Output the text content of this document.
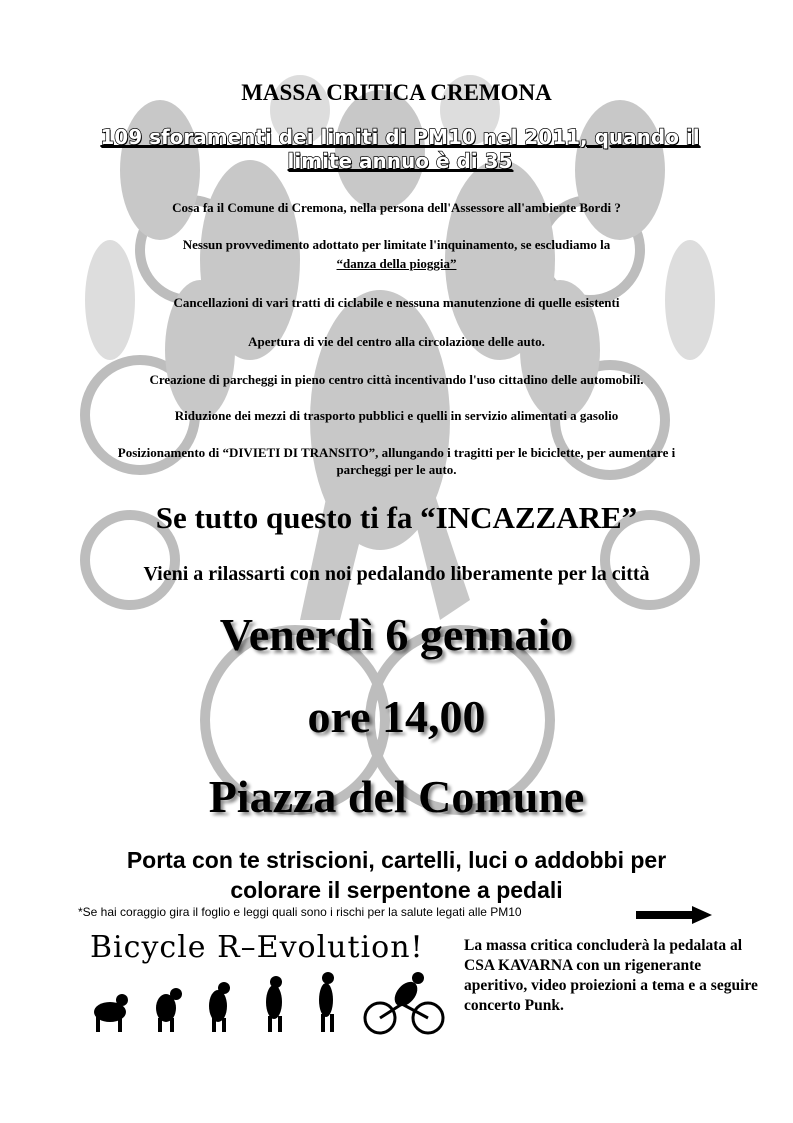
MASSA CRITICA CREMONA
109 sforamenti dei limiti di PM10 nel 2011, quando il limite annuo è di 35
Cosa fa il Comune di Cremona, nella persona dell'Assessore all'ambiente Bordi ?
Nessun provvedimento adottato per limitate l'inquinamento, se escludiamo la
“danza della pioggia”
Cancellazioni di vari tratti di ciclabile e nessuna manutenzione di quelle esistenti
Apertura di vie del centro alla circolazione delle auto.
Creazione di parcheggi in pieno centro città incentivando l'uso cittadino delle automobili.
Riduzione dei mezzi di trasporto pubblici e quelli in servizio alimentati a gasolio
Posizionamento di “DIVIETI DI TRANSITO”, allungando i tragitti per le biciclette, per aumentare i parcheggi per le auto.
Se tutto questo ti fa “INCAZZARE”
Vieni a rilassarti con noi pedalando liberamente per la città
Venerdì 6 gennaio
ore 14,00
Piazza del Comune
Porta con te striscioni, cartelli, luci o addobbi per colorare il serpentone a pedali
*Se hai coraggio gira il foglio e leggi quali sono i rischi per la salute legati alle PM10
Bicycle R–Evolution!	La massa critica concluderà la pedalata al CSA KAVARNA con un rigenerante aperitivo, video proiezioni a tema e a seguire concerto Punk.
